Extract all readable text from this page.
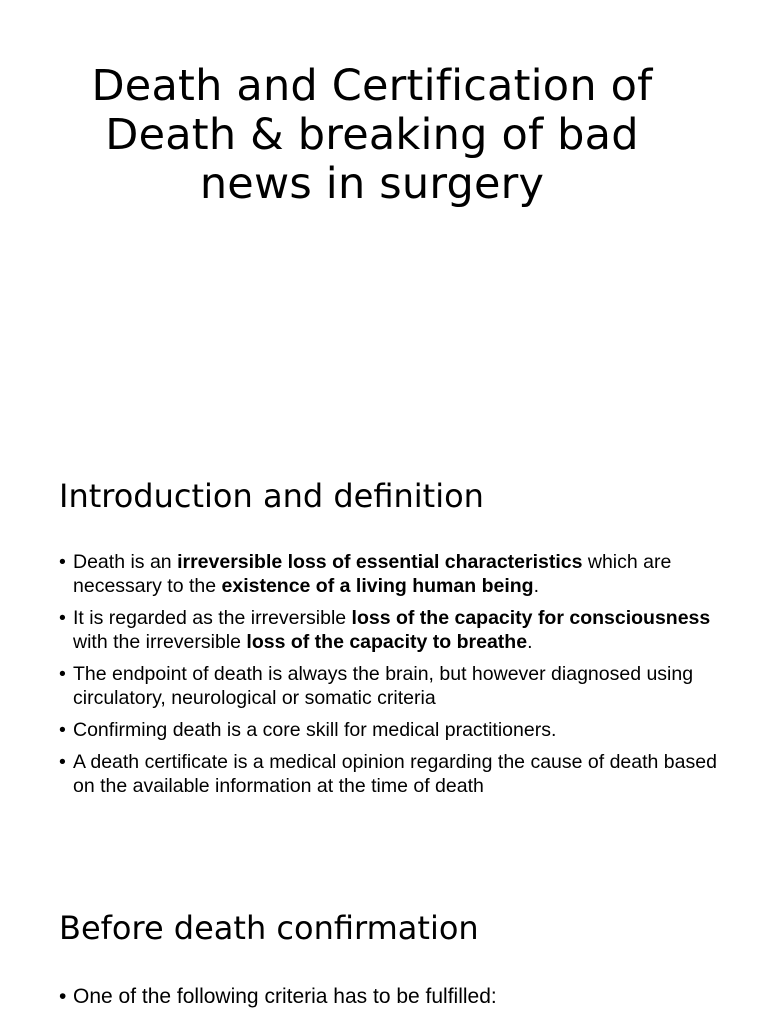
Death and Certification of Death & breaking of bad news in surgery
Introduction and definition
• Death is an irreversible loss of essential characteristics which are necessary to the existence of a living human being.
• It is regarded as the irreversible loss of the capacity for consciousness with the irreversible loss of the capacity to breathe.
• The endpoint of death is always the brain, but however diagnosed using circulatory, neurological or somatic criteria
• Confirming death is a core skill for medical practitioners.
• A death certificate is a medical opinion regarding the cause of death based on the available information at the time of death
Before death confirmation
• One of the following criteria has to be fulfilled:
